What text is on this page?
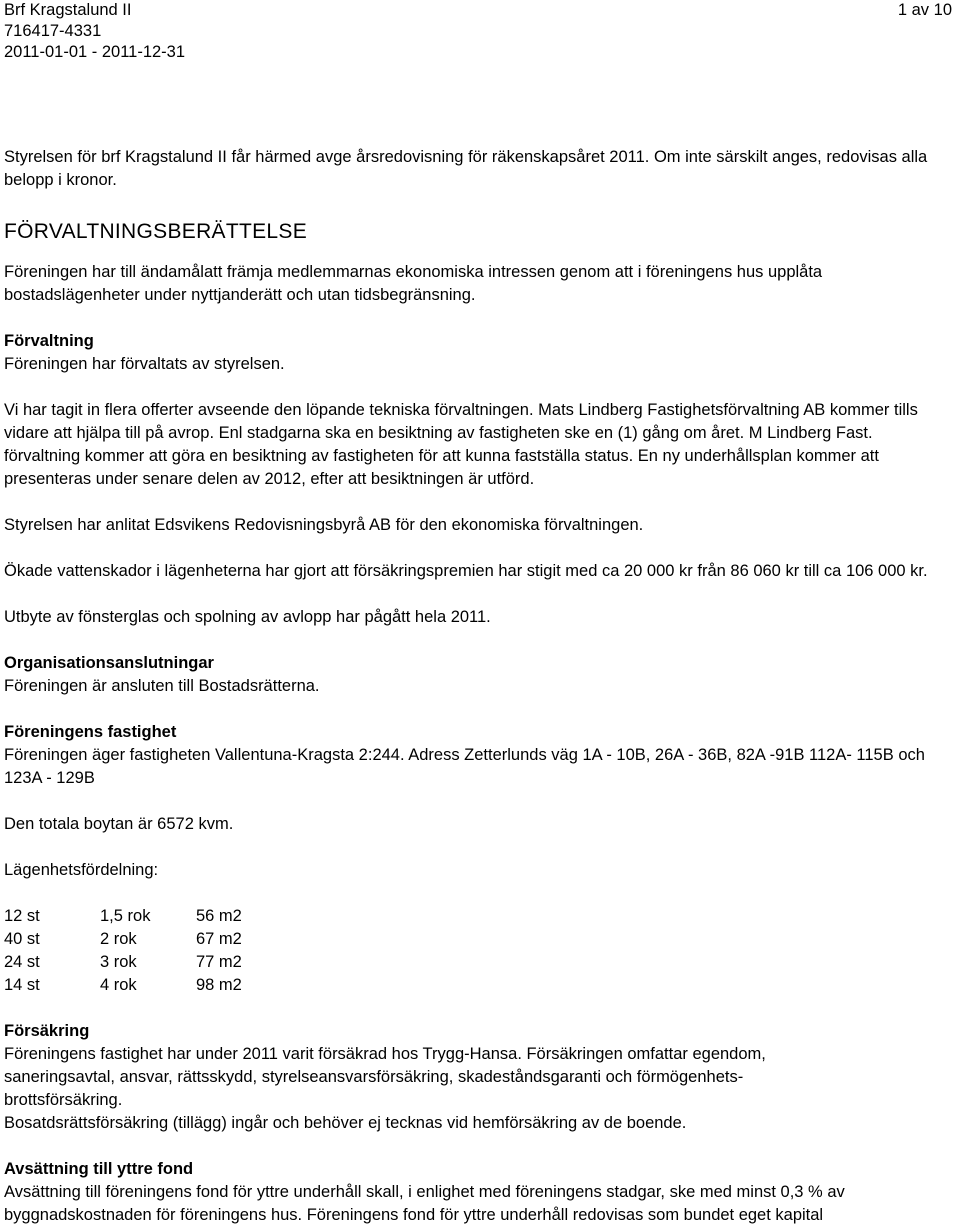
Brf Kragstalund II
716417-4331
2011-01-01 - 2011-12-31
1 av 10

Styrelsen för brf Kragstalund II får härmed avge årsredovisning för räkenskapsåret 2011. Om inte särskilt anges, redovisas alla belopp i kronor.

FÖRVALTNINGSBERÄTTELSE

Föreningen har till ändamålatt främja medlemmarnas ekonomiska intressen genom att i föreningens hus upplåta bostadslägenheter under nyttjanderätt och utan tidsbegränsning.

Förvaltning

Föreningen har förvaltats av styrelsen.

Vi har tagit in flera offerter avseende den löpande tekniska förvaltningen. Mats Lindberg Fastighetsförvaltning AB kommer tills vidare att hjälpa till på avrop. Enl stadgarna ska en besiktning av fastigheten ske en (1) gång om året. M Lindberg Fast. förvaltning kommer att göra en besiktning av fastigheten för att kunna fastställa status. En ny underhållsplan kommer att presenteras under senare delen av 2012, efter att besiktningen är utförd.

Styrelsen har anlitat Edsvikens Redovisningsbyrå AB för den ekonomiska förvaltningen.

Ökade vattenskador i lägenheterna har gjort att försäkringspremien har stigit med ca 20 000 kr från 86 060 kr till ca 106 000 kr.

Utbyte av fönsterglas och spolning av avlopp har pågått hela 2011.

Organisationsanslutningar

Föreningen är ansluten till Bostadsrätterna.

Föreningens fastighet

Föreningen äger fastigheten Vallentuna-Kragsta 2:244. Adress Zetterlunds väg 1A - 10B, 26A - 36B, 82A -91B 112A- 115B och 123A - 129B

Den totala boytan är 6572 kvm.

Lägenhetsfördelning:

12 st	1,5 rok	56 m2
40 st	2 rok	67 m2
24 st	3 rok	77 m2
14 st	4 rok	98 m2

Försäkring

Föreningens fastighet har under 2011 varit försäkrad hos Trygg-Hansa. Försäkringen omfattar egendom,

saneringsavtal, ansvar, rättsskydd, styrelseansvarsförsäkring, skadeståndsgaranti och förmögenhets-

brottsförsäkring.

Bosatdsrättsförsäkring (tillägg) ingår och behöver ej tecknas vid hemförsäkring av de boende.

Avsättning till yttre fond

Avsättning till föreningens fond för yttre underhåll skall, i enlighet med föreningens stadgar, ske med minst 0,3 % av byggnadskostnaden för föreningens hus. Föreningens fond för yttre underhåll redovisas som bundet eget kapital
